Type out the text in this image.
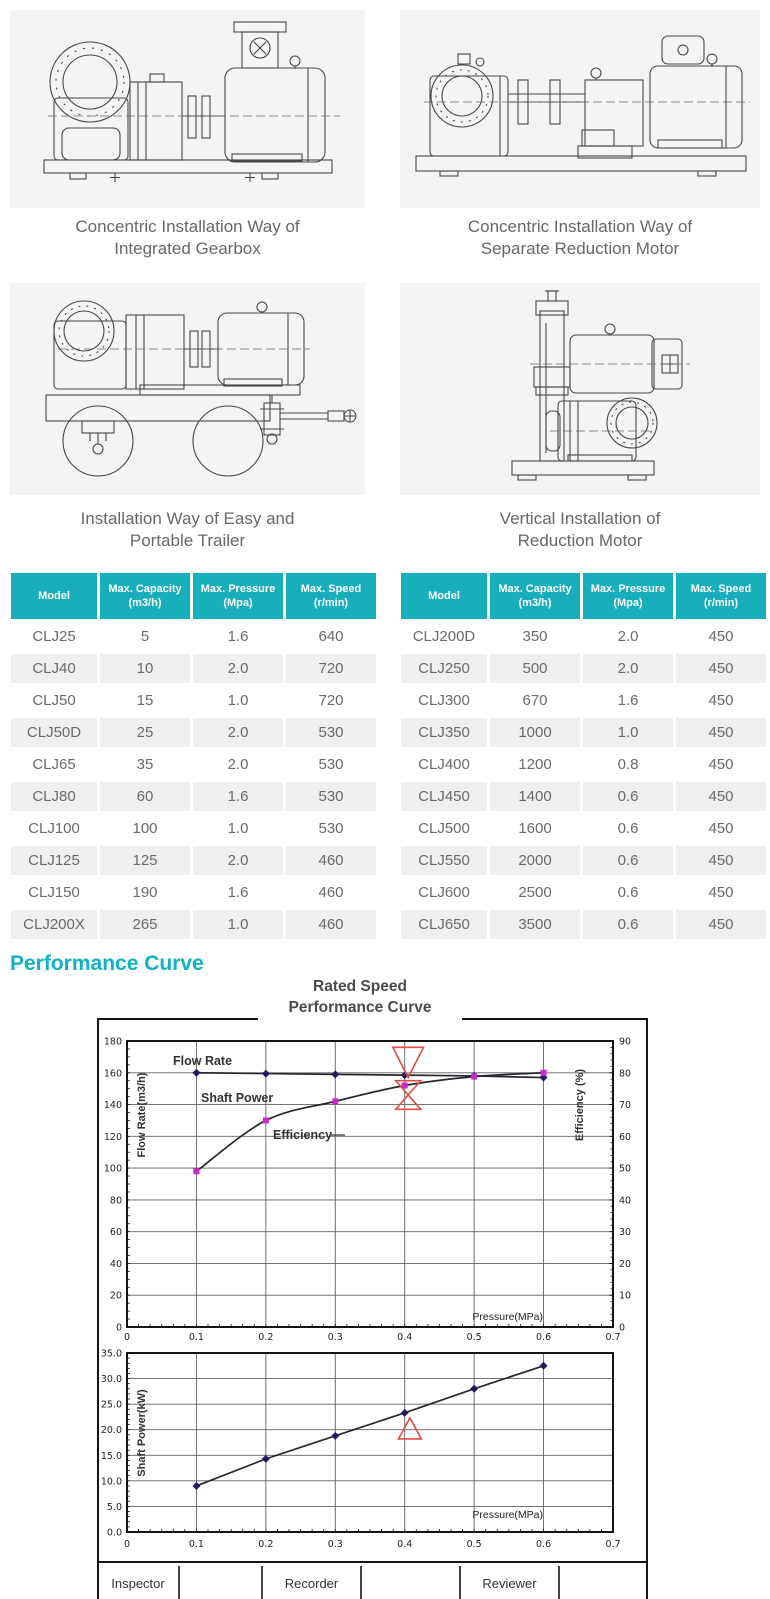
Concentric Installation Way of
Integrated Gearbox
Concentric Installation Way of
Separate Reduction Motor
Installation Way of Easy and
Portable Trailer
Vertical Installation of
Reduction Motor
Model

Max. Capacity
(m3/h)

Max. Pressure
(Mpa)

Max. Speed
(r/min)

CLJ25	5	1.6	640
CLJ40	10	2.0	720
CLJ50	15	1.0	720
CLJ50D	25	2.0	530
CLJ65	35	2.0	530
CLJ80	60	1.6	530
CLJ100	100	1.0	530
CLJ125	125	2.0	460
CLJ150	190	1.6	460
CLJ200X	265	1.0	460
Model

Max. Capacity
(m3/h)

Max. Pressure
(Mpa)

Max. Speed
(r/min)

CLJ200D	350	2.0	450
CLJ250	500	2.0	450
CLJ300	670	1.6	450
CLJ350	1000	1.0	450
CLJ400	1200	0.8	450
CLJ450	1400	0.6	450
CLJ500	1600	0.6	450
CLJ550	2000	0.6	450
CLJ600	2500	0.6	450
CLJ650	3500	0.6	450
Performance Curve
0
20
40
60
80
100
120
140
160
180
0	0.1	0.2	0.3	0.4	0.5	0.6	0.7
0
10
20
30
40
50
60
70
80
90
Efficiency (%)
Flow Rate(m3/h)
Pressure(MPa)
Flow Rate
Efficiency
0.0
5.0
10.0
15.0
20.0
25.0
30.0
35.0
0	0.1	0.2	0.3	0.4	0.5	0.6	0.7
Shaft Power(kW)
Pressure(MPa)
Shaft Power
Inspector	Recorder	Reviewer
Rated Speed
Performance Curve
